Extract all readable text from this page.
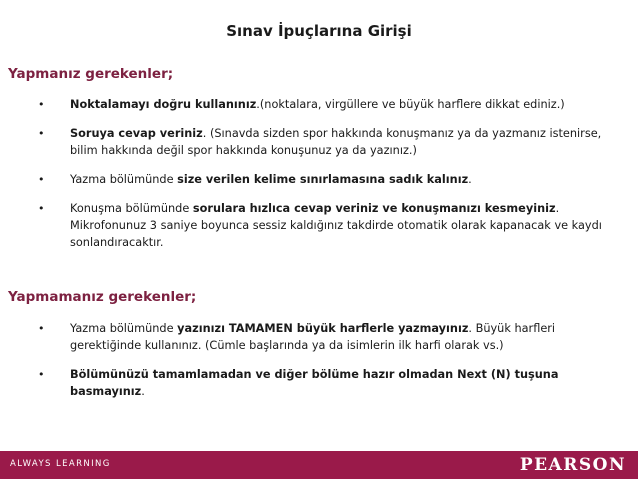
Sınav İpuçlarına Girişi
Yapmanız gerekenler;
• Noktalamayı doğru kullanınız.(noktalara, virgüllere ve büyük harflere dikkat ediniz.)
• Soruya cevap veriniz. (Sınavda sizden spor hakkında konuşmanız ya da yazmanız istenirse, bilim hakkında değil spor hakkında konuşunuz ya da yazınız.)
• Yazma bölümünde size verilen kelime sınırlamasına sadık kalınız.
• Konuşma bölümünde sorulara hızlıca cevap veriniz ve konuşmanızı kesmeyiniz. Mikrofonunuz 3 saniye boyunca sessiz kaldığınız takdirde otomatik olarak kapanacak ve kaydı sonlandıracaktır.
Yapmamanız gerekenler;
• Yazma bölümünde yazınızı TAMAMEN büyük harflerle yazmayınız. Büyük harfleri gerektiğinde kullanınız. (Cümle başlarında ya da isimlerin ilk harfi olarak vs.)
• Bölümünüzü tamamlamadan ve diğer bölüme hazır olmadan Next (N) tuşuna basmayınız.
ALWAYS LEARNING	PEARSON
